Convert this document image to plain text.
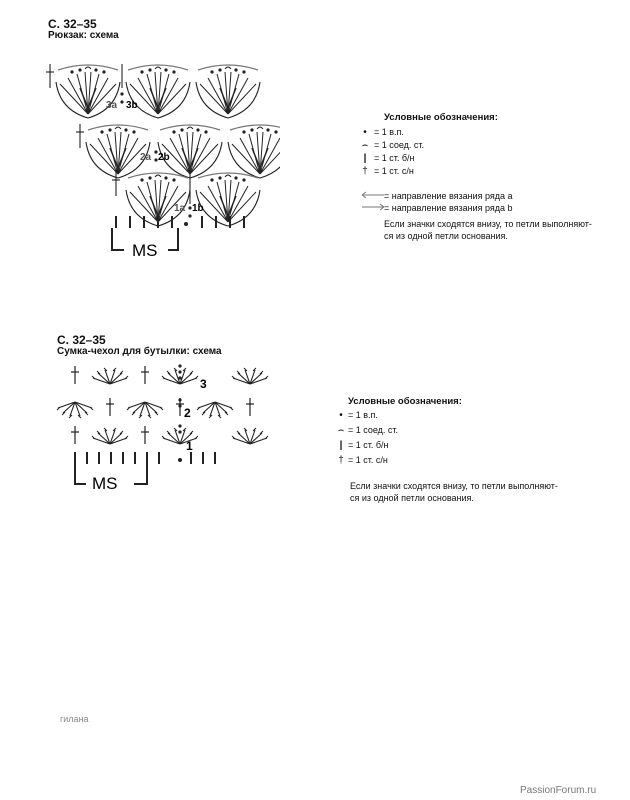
С. 32–35
Рюкзак: схема
MS
3a 3b
2a 2b
1a 1b
Условные обозначения:
• = 1 в.п.
⌢ = 1 соед. ст.
| = 1 ст. б/н
† = 1 ст. с/н
= направление вязания ряда a
= направление вязания ряда b
Если значки сходятся внизу, то петли выполняют-
ся из одной петли основания.
С. 32–35
Сумка-чехол для бутылки: схема
MS
3
2
1
Условные обозначения:
• = 1 в.п.
⌢ = 1 соед. ст.
| = 1 ст. б/н
† = 1 ст. с/н
Если значки сходятся внизу, то петли выполняют-
ся из одной петли основания.
гилана
PassionForum.ru
